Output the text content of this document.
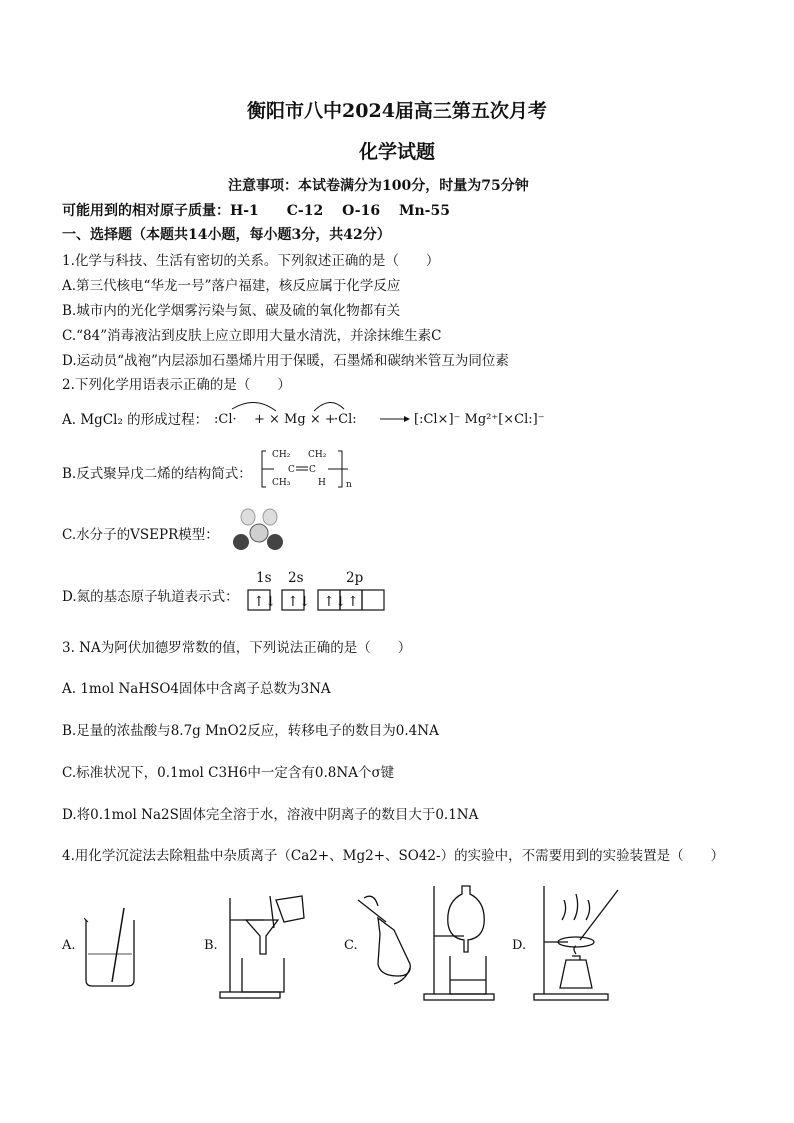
衡阳市八中2024届高三第五次月考
化学试题
注意事项：本试卷满分为100分，时量为75分钟
可能用到的相对原子质量：H-1　　C-12　 O-16　 Mn-55
一、选择题（本题共14小题，每小题3分，共42分）
1.化学与科技、生活有密切的关系。下列叙述正确的是（　　）
A.第三代核电“华龙一号”落户福建，核反应属于化学反应
B.城市内的光化学烟雾污染与氮、碳及硫的氧化物都有关
C.“84”消毒液沾到皮肤上应立即用大量水清洗，并涂抹维生素C
D.运动员“战袍”内层添加石墨烯片用于保暖，石墨烯和碳纳米管互为同位素
2.下列化学用语表示正确的是（　　）
A. MgCl₂ 的形成过程： :Cl· + × Mg × +
·Cl:	[:Cl×]⁻ Mg²⁺[×Cl:]⁻
B.反式聚异戊二烯的结构简式：
CH₂
C C
CH₂
CH₃	H n
C.水分子的VSEPR模型：
D.氮的基态原子轨道表示式：
1s 2s	2p
↑↓ ↑↓ ↑↓ ↑
3. NA为阿伏加德罗常数的值，下列说法正确的是（　　）
A. 1mol NaHSO4固体中含离子总数为3NA
B.足量的浓盐酸与8.7g MnO2反应，转移电子的数目为0.4NA
C.标准状况下，0.1mol C3H6中一定含有0.8NA个σ键
D.将0.1mol Na2S固体完全溶于水，溶液中阴离子的数目大于0.1NA
4.用化学沉淀法去除粗盐中杂质离子（Ca2+、Mg2+、SO42-）的实验中，不需要用到的实验装置是（　　）
A.	B.	C.	D.
